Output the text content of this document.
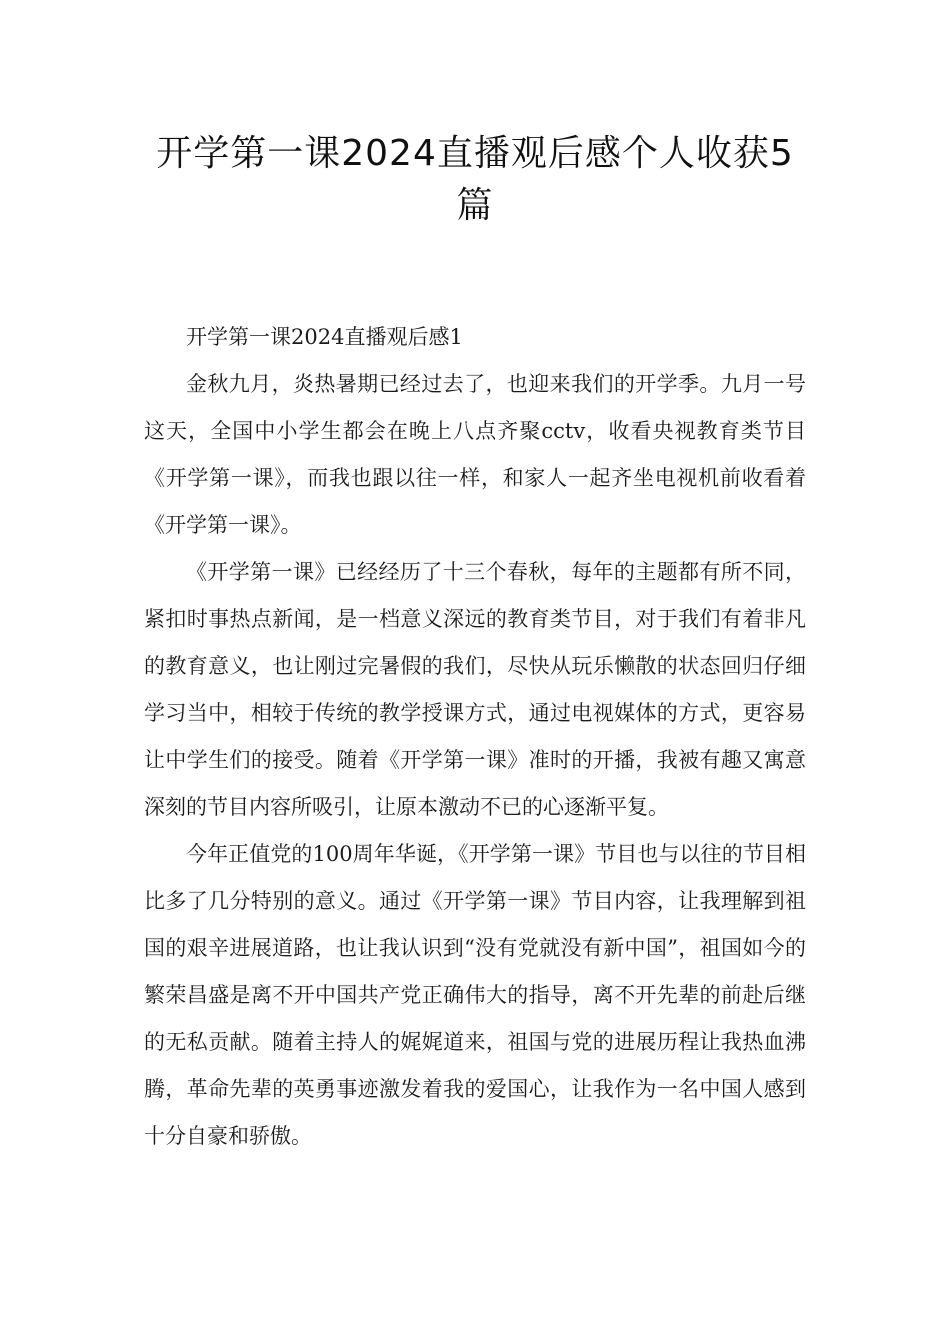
开学第一课2024直播观后感个人收获5篇

开学第一课2024直播观后感1

金秋九月，炎热暑期已经过去了，也迎来我们的开学季。九月一号这天，全国中小学生都会在晚上八点齐聚cctv，收看央视教育类节目《开学第一课》，而我也跟以往一样，和家人一起齐坐电视机前收看着《开学第一课》。

《开学第一课》已经经历了十三个春秋，每年的主题都有所不同，紧扣时事热点新闻，是一档意义深远的教育类节目，对于我们有着非凡的教育意义，也让刚过完暑假的我们，尽快从玩乐懒散的状态回归仔细学习当中，相较于传统的教学授课方式，通过电视媒体的方式，更容易让中学生们的接受。随着《开学第一课》准时的开播，我被有趣又寓意深刻的节目内容所吸引，让原本激动不已的心逐渐平复。

今年正值党的100周年华诞，《开学第一课》节目也与以往的节目相比多了几分特别的意义。通过《开学第一课》节目内容，让我理解到祖国的艰辛进展道路，也让我认识到“没有党就没有新中国”，祖国如今的繁荣昌盛是离不开中国共产党正确伟大的指导，离不开先辈的前赴后继的无私贡献。随着主持人的娓娓道来，祖国与党的进展历程让我热血沸腾，革命先辈的英勇事迹激发着我的爱国心，让我作为一名中国人感到十分自豪和骄傲。
